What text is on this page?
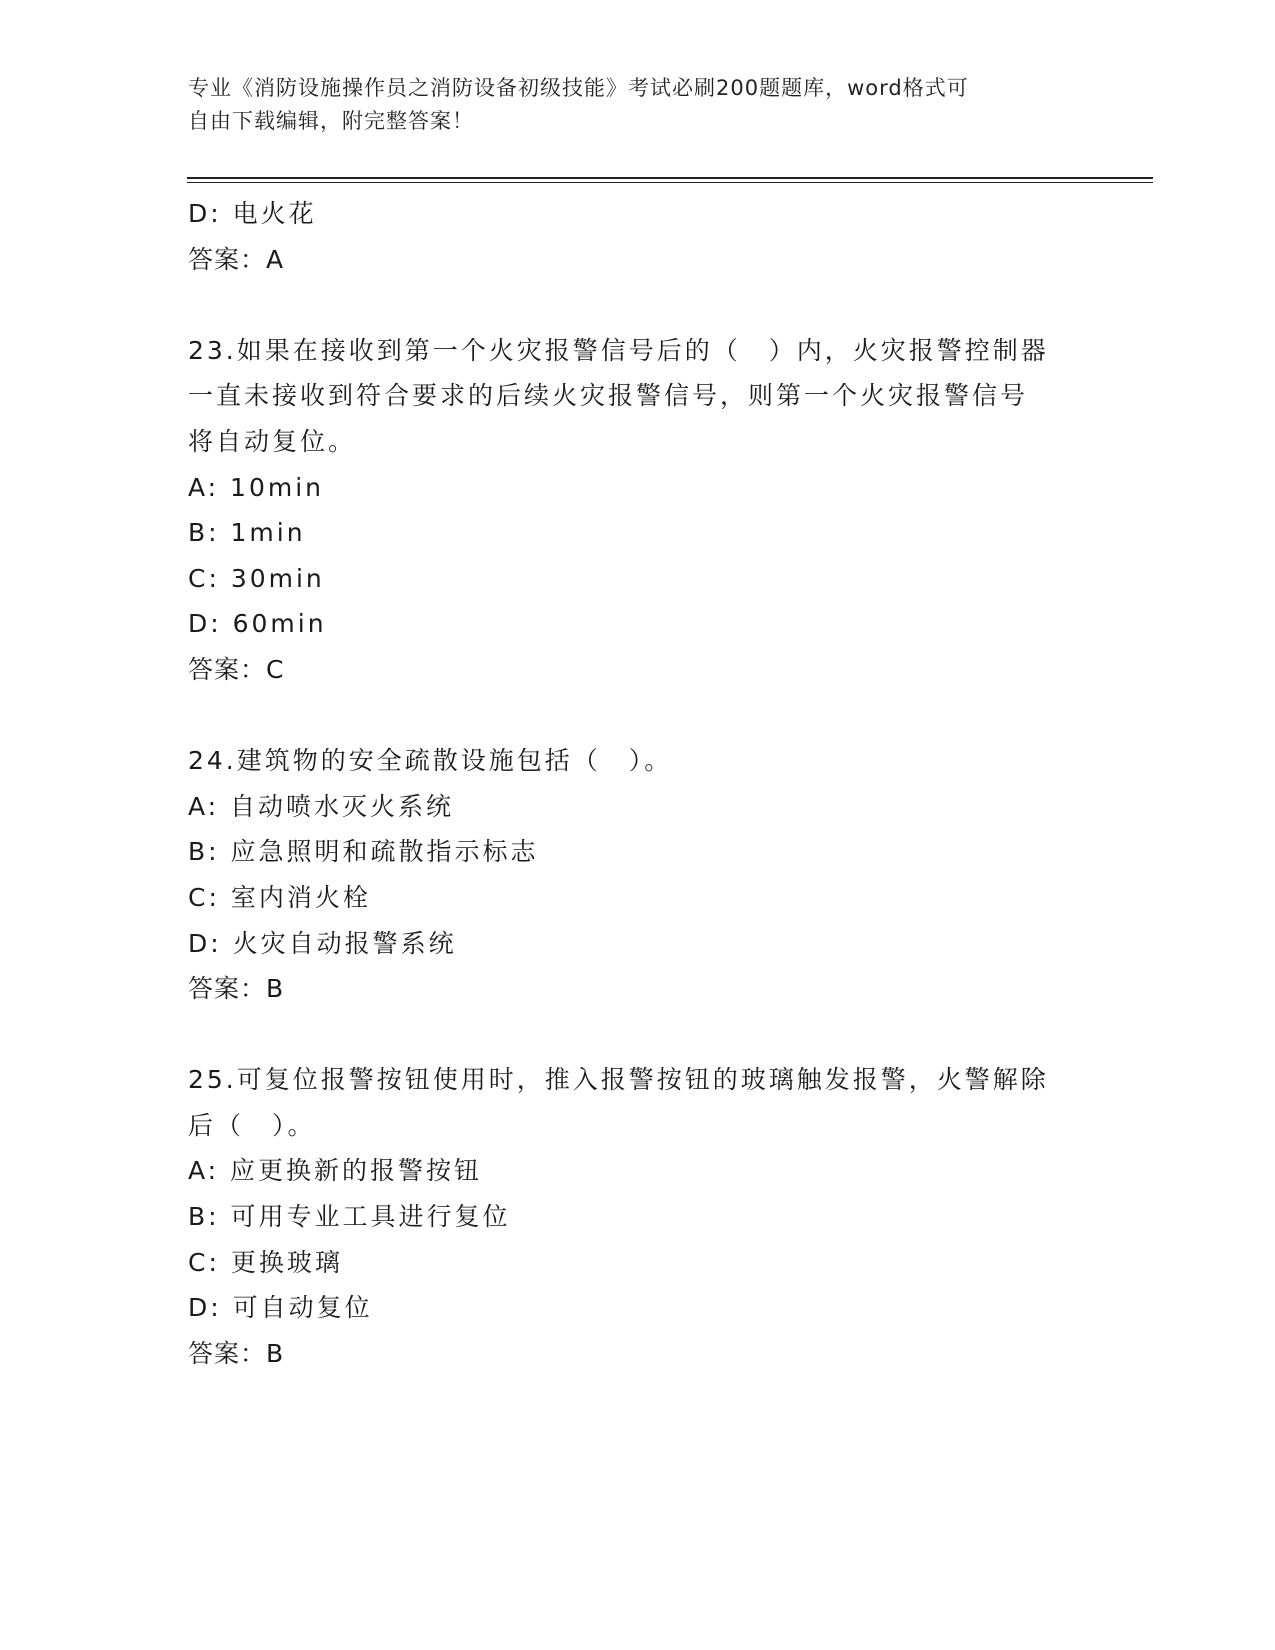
专业《消防设施操作员之消防设备初级技能》考试必刷200题题库，word格式可
自由下载编辑，附完整答案！
D: 电火花
答案：A
23.如果在接收到第一个火灾报警信号后的（　）内，火灾报警控制器
一直未接收到符合要求的后续火灾报警信号，则第一个火灾报警信号
将自动复位。
A: 10min
B: 1min
C: 30min
D: 60min
答案：C
24.建筑物的安全疏散设施包括（　）。
A: 自动喷水灭火系统
B: 应急照明和疏散指示标志
C: 室内消火栓
D: 火灾自动报警系统
答案：B
25.可复位报警按钮使用时，推入报警按钮的玻璃触发报警，火警解除
后（　）。
A: 应更换新的报警按钮
B: 可用专业工具进行复位
C: 更换玻璃
D: 可自动复位
答案：B
